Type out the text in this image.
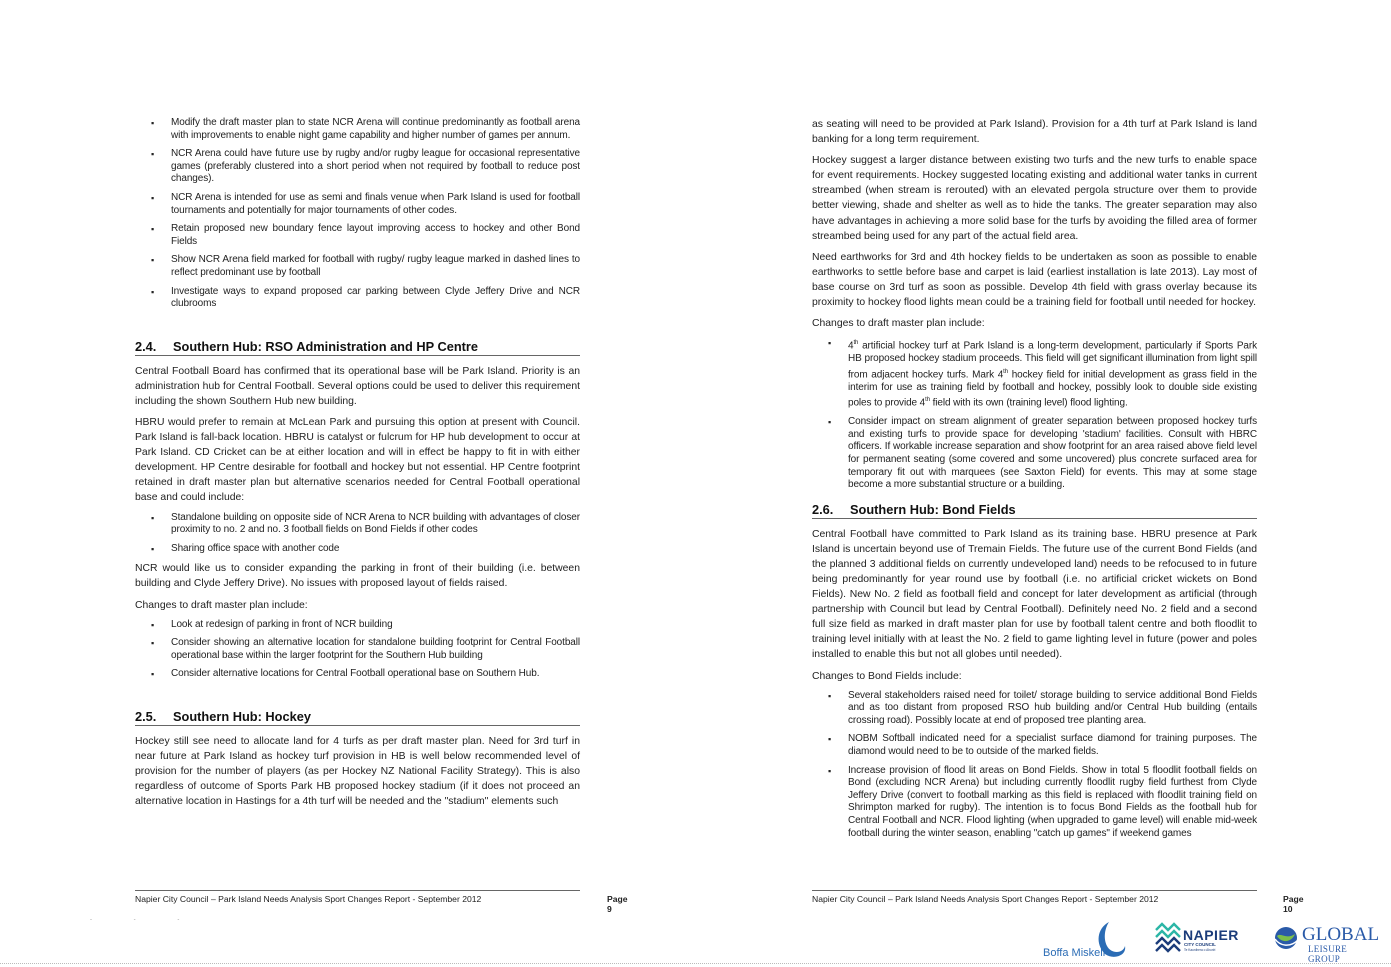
▪ Modify the draft master plan to state NCR Arena will continue predominantly as football arena with improvements to enable night game capability and higher number of games per annum.
▪ NCR Arena could have future use by rugby and/or rugby league for occasional representative games (preferably clustered into a short period when not required by football to reduce post changes).
▪ NCR Arena is intended for use as semi and finals venue when Park Island is used for football tournaments and potentially for major tournaments of other codes.
▪ Retain proposed new boundary fence layout improving access to hockey and other Bond Fields
▪ Show NCR Arena field marked for football with rugby/ rugby league marked in dashed lines to reflect predominant use by football
▪ Investigate ways to expand proposed car parking between Clyde Jeffery Drive and NCR clubrooms
2.4.	Southern Hub: RSO Administration and HP Centre

Central Football Board has confirmed that its operational base will be Park Island. Priority is an administration hub for Central Football. Several options could be used to deliver this requirement including the shown Southern Hub new building.

HBRU would prefer to remain at McLean Park and pursuing this option at present with Council. Park Island is fall-back location. HBRU is catalyst or fulcrum for HP hub development to occur at Park Island. CD Cricket can be at either location and will in effect be happy to fit in with either development. HP Centre desirable for football and hockey but not essential. HP Centre footprint retained in draft master plan but alternative scenarios needed for Central Football operational base and could include:

▪ Standalone building on opposite side of NCR Arena to NCR building with advantages of closer proximity to no. 2 and no. 3 football fields on Bond Fields if other codes
▪ Sharing office space with another code

NCR would like us to consider expanding the parking in front of their building (i.e. between building and Clyde Jeffery Drive). No issues with proposed layout of fields raised.

Changes to draft master plan include:

▪ Look at redesign of parking in front of NCR building
▪ Consider showing an alternative location for standalone building footprint for Central Football operational base within the larger footprint for the Southern Hub building
▪ Consider alternative locations for Central Football operational base on Southern Hub.
2.5.	Southern Hub: Hockey

Hockey still see need to allocate land for 4 turfs as per draft master plan. Need for 3rd turf in near future at Park Island as hockey turf provision in HB is well below recommended level of provision for the number of players (as per Hockey NZ National Facility Strategy). This is also regardless of outcome of Sports Park HB proposed hockey stadium (if it does not proceed an alternative location in Hastings for a 4th turf will be needed and the "stadium" elements such

as seating will need to be provided at Park Island). Provision for a 4th turf at Park Island is land banking for a long term requirement.

Hockey suggest a larger distance between existing two turfs and the new turfs to enable space for event requirements. Hockey suggested locating existing and additional water tanks in current streambed (when stream is rerouted) with an elevated pergola structure over them to provide better viewing, shade and shelter as well as to hide the tanks. The greater separation may also have advantages in achieving a more solid base for the turfs by avoiding the filled area of former streambed being used for any part of the actual field area.

Need earthworks for 3rd and 4th hockey fields to be undertaken as soon as possible to enable earthworks to settle before base and carpet is laid (earliest installation is late 2013). Lay most of base course on 3rd turf as soon as possible. Develop 4th field with grass overlay because its proximity to hockey flood lights mean could be a training field for football until needed for hockey.

Changes to draft master plan include:

▪ 4th artificial hockey turf at Park Island is a long-term development, particularly if Sports Park HB proposed hockey stadium proceeds. This field will get significant illumination from light spill from adjacent hockey turfs. Mark 4th hockey field for initial development as grass field in the interim for use as training field by football and hockey, possibly look to double side existing poles to provide 4th field with its own (training level) flood lighting.
▪ Consider impact on stream alignment of greater separation between proposed hockey turfs and existing turfs to provide space for developing 'stadium' facilities. Consult with HBRC officers. If workable increase separation and show footprint for an area raised above field level for permanent seating (some covered and some uncovered) plus concrete surfaced area for temporary fit out with marquees (see Saxton Field) for events. This may at some stage become a more substantial structure or a building.
2.6.	Southern Hub: Bond Fields

Central Football have committed to Park Island as its training base. HBRU presence at Park Island is uncertain beyond use of Tremain Fields. The future use of the current Bond Fields (and the planned 3 additional fields on currently undeveloped land) needs to be refocused to in future being predominantly for year round use by football (i.e. no artificial cricket wickets on Bond Fields). New No. 2 field as football field and concept for later development as artificial (through partnership with Council but lead by Central Football). Definitely need No. 2 field and a second full size field as marked in draft master plan for use by football talent centre and both floodlit to training level initially with at least the No. 2 field to game lighting level in future (power and poles installed to enable this but not all globes until needed).

Changes to Bond Fields include:

▪ Several stakeholders raised need for toilet/ storage building to service additional Bond Fields and as too distant from proposed RSO hub building and/or Central Hub building (entails crossing road). Possibly locate at end of proposed tree planting area.
▪ NOBM Softball indicated need for a specialist surface diamond for training purposes. The diamond would need to be to outside of the marked fields.
▪ Increase provision of flood lit areas on Bond Fields. Show in total 5 floodlit football fields on Bond (excluding NCR Arena) but including currently floodlit rugby field furthest from Clyde Jeffery Drive (convert to football marking as this field is replaced with floodlit training field on Shrimpton marked for rugby). The intention is to focus Bond Fields as the football hub for Central Football and NCR. Flood lighting (when upgraded to game level) will enable mid-week football during the winter season, enabling "catch up games" if weekend games
Napier City Council – Park Island Needs Analysis Sport Changes Report - September 2012	Page 9
Napier City Council – Park Island Needs Analysis Sport Changes Report - September 2012	Page 10
- - -
Boffa Miskell
NAPIER
CITY COUNCIL
Te Kaunihera o Ahuriri
GLOBAL
LEISURE GROUP
